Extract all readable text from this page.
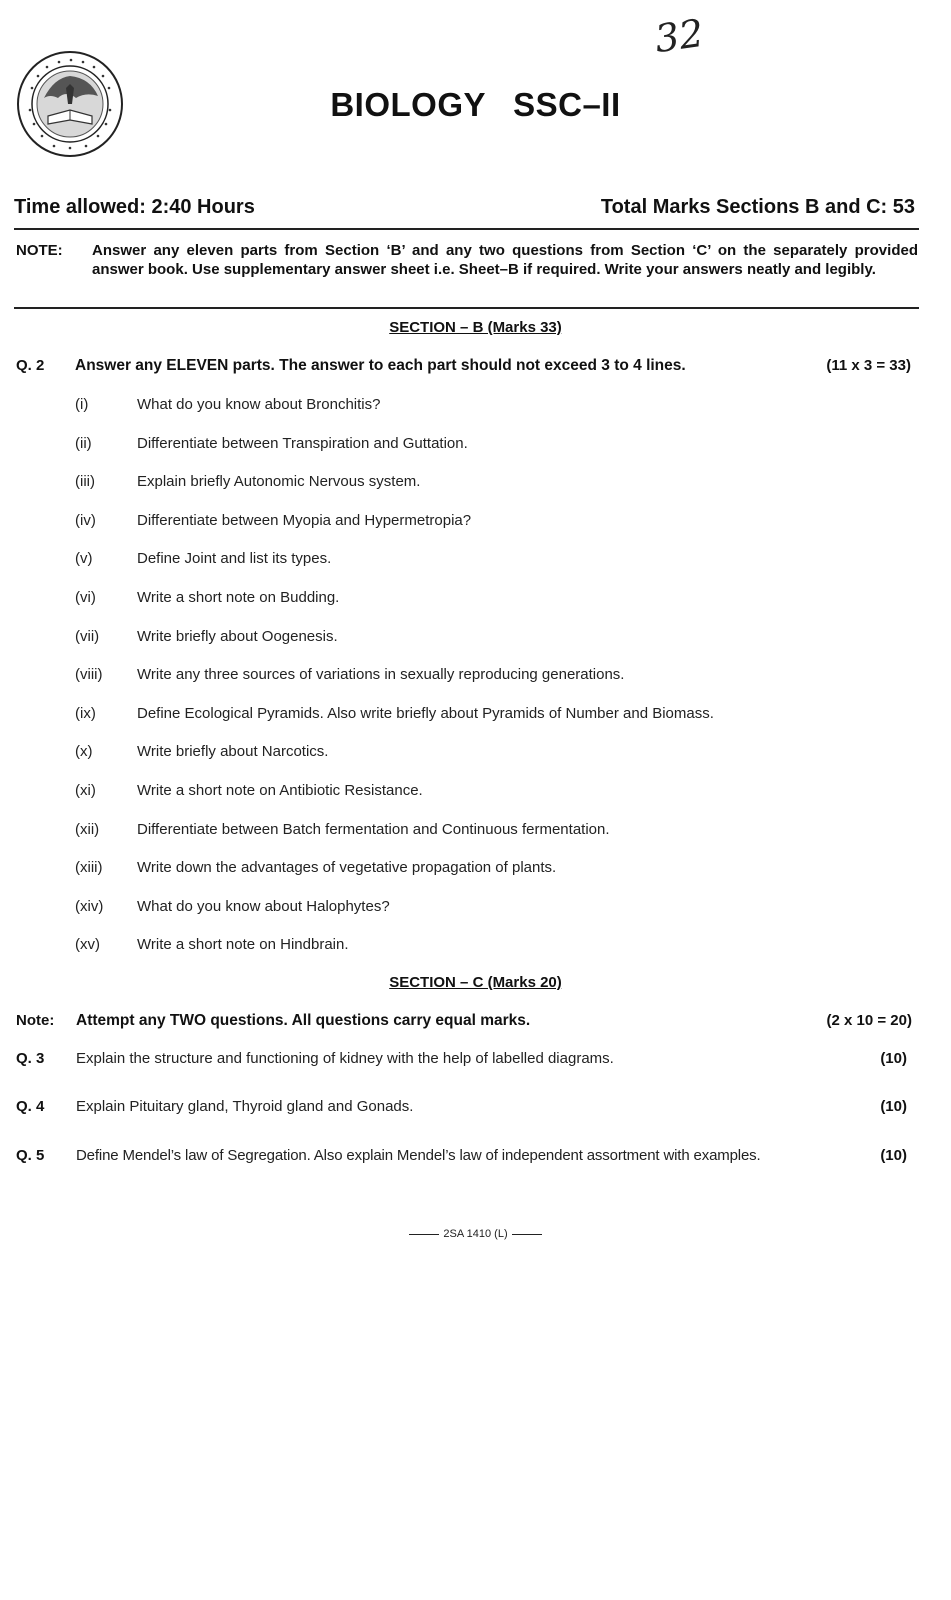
32
BIOLOGY SSC–II
Time allowed: 2:40 Hours	Total Marks Sections B and C: 53
NOTE: Answer any eleven parts from Section ‘B’ and any two questions from Section ‘C’ on the separately provided answer book. Use supplementary answer sheet i.e. Sheet–B if required. Write your answers neatly and legibly.
SECTION – B (Marks 33)
Q. 2 Answer any ELEVEN parts. The answer to each part should not exceed 3 to 4 lines.	(11 x 3 = 33)
(i)	What do you know about Bronchitis?
(ii)	Differentiate between Transpiration and Guttation.
(iii)	Explain briefly Autonomic Nervous system.
(iv)	Differentiate between Myopia and Hypermetropia?
(v)	Define Joint and list its types.
(vi)	Write a short note on Budding.
(vii)	Write briefly about Oogenesis.
(viii) Write any three sources of variations in sexually reproducing generations.
(ix)	Define Ecological Pyramids. Also write briefly about Pyramids of Number and Biomass.
(x)	Write briefly about Narcotics.
(xi)	Write a short note on Antibiotic Resistance.
(xii)	Differentiate between Batch fermentation and Continuous fermentation.
(xiii) Write down the advantages of vegetative propagation of plants.
(xiv) What do you know about Halophytes?
(xv) Write a short note on Hindbrain.
SECTION – C (Marks 20)
Note: Attempt any TWO questions. All questions carry equal marks.	(2 x 10 = 20)
Q. 3 Explain the structure and functioning of kidney with the help of labelled diagrams.	(10)
Q. 4 Explain Pituitary gland, Thyroid gland and Gonads.	(10)
Q. 5 Define Mendel’s law of Segregation. Also explain Mendel’s law of independent assortment with examples.	(10)
2SA 1410 (L)
